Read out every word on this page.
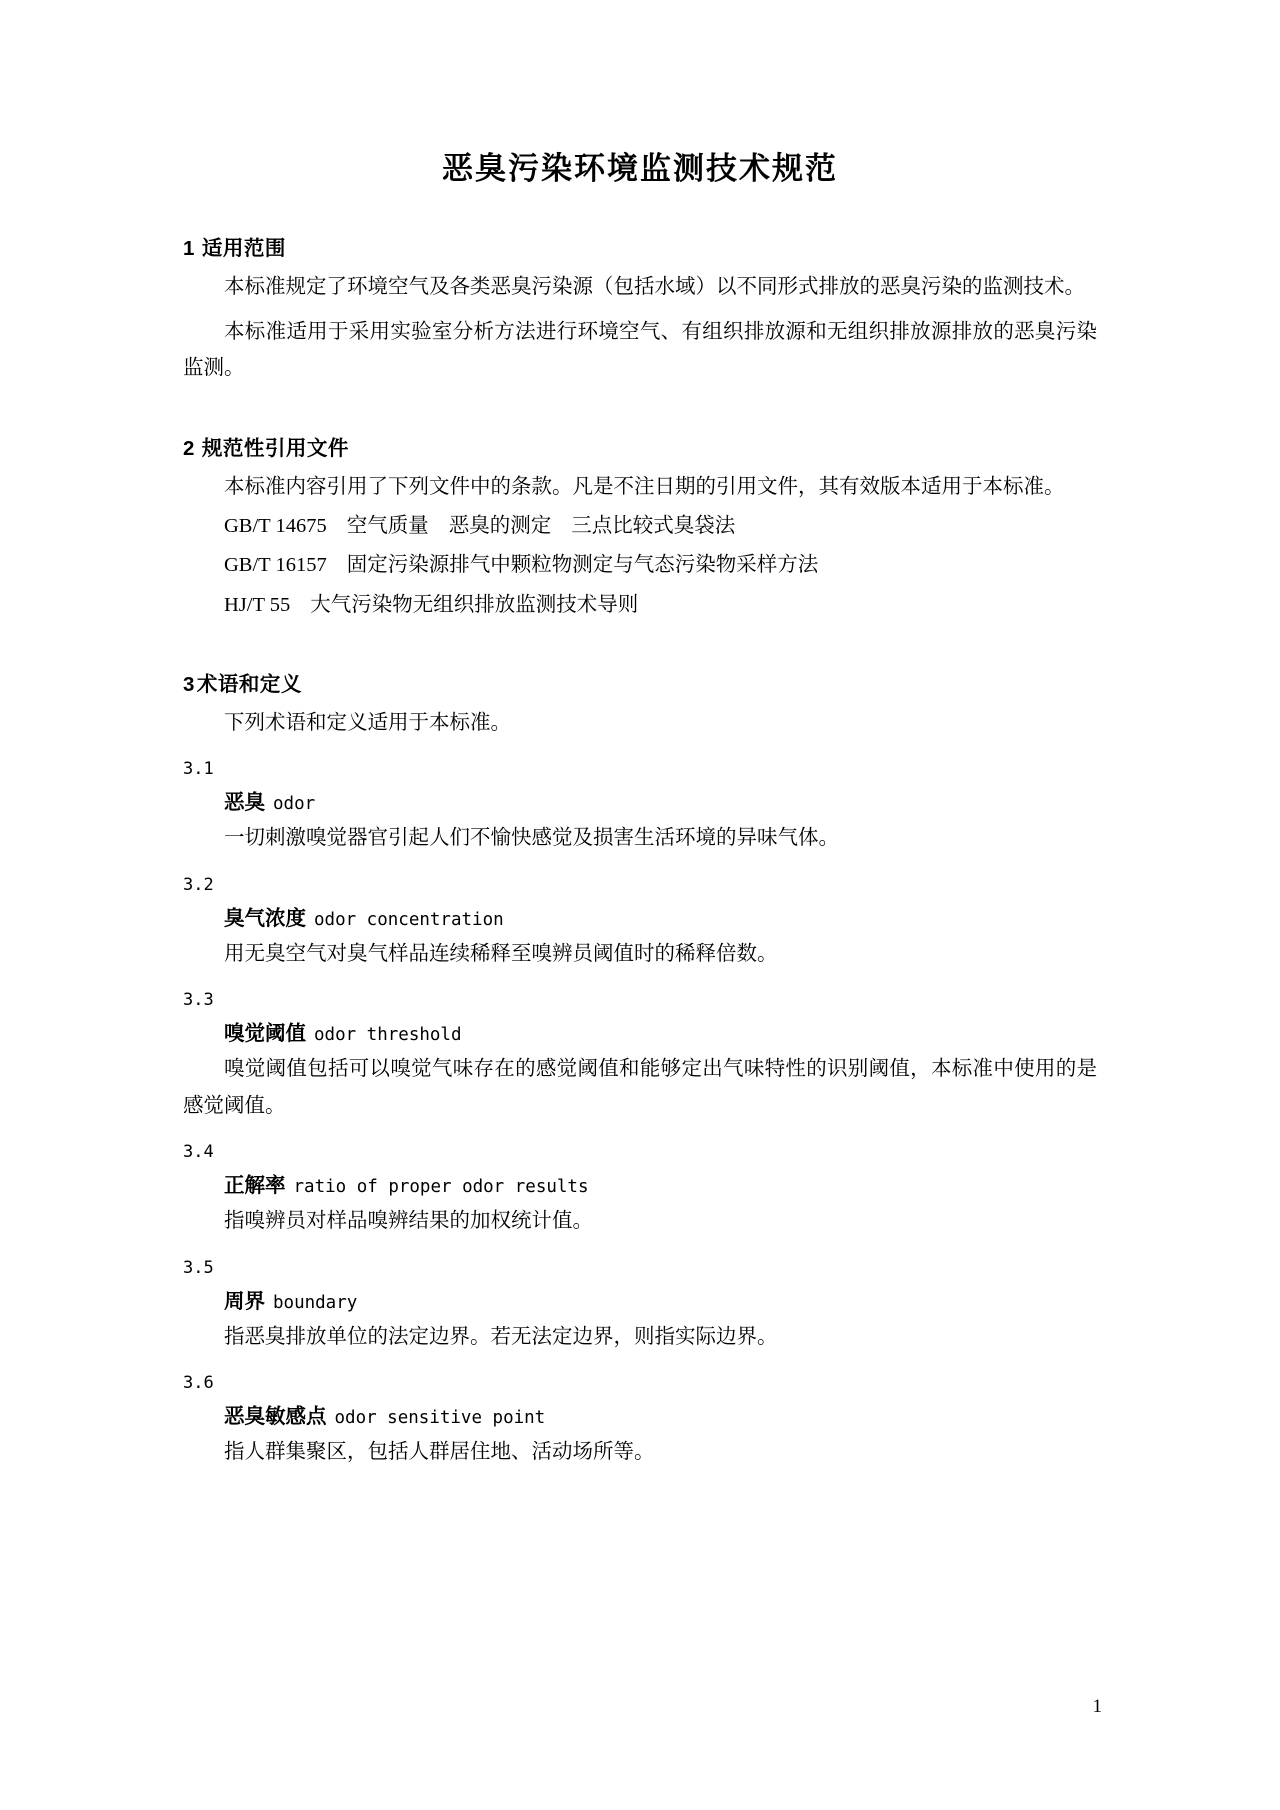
恶臭污染环境监测技术规范
1 适用范围

本标准规定了环境空气及各类恶臭污染源（包括水域）以不同形式排放的恶臭污染的监测技术。

本标准适用于采用实验室分析方法进行环境空气、有组织排放源和无组织排放源排放的恶臭污染监测。

2 规范性引用文件

本标准内容引用了下列文件中的条款。凡是不注日期的引用文件，其有效版本适用于本标准。

GB/T 14675 空气质量 恶臭的测定 三点比较式臭袋法

GB/T 16157 固定污染源排气中颗粒物测定与气态污染物采样方法

HJ/T 55 大气污染物无组织排放监测技术导则

3术语和定义

下列术语和定义适用于本标准。

3.1

恶臭 odor

一切刺激嗅觉器官引起人们不愉快感觉及损害生活环境的异味气体。

3.2

臭气浓度 odor concentration

用无臭空气对臭气样品连续稀释至嗅辨员阈值时的稀释倍数。

3.3

嗅觉阈值 odor threshold

嗅觉阈值包括可以嗅觉气味存在的感觉阈值和能够定出气味特性的识别阈值，本标准中使用的是感觉阈值。

3.4

正解率 ratio of proper odor results

指嗅辨员对样品嗅辨结果的加权统计值。

3.5

周界 boundary

指恶臭排放单位的法定边界。若无法定边界，则指实际边界。

3.6

恶臭敏感点 odor sensitive point

指人群集聚区，包括人群居住地、活动场所等。

1
